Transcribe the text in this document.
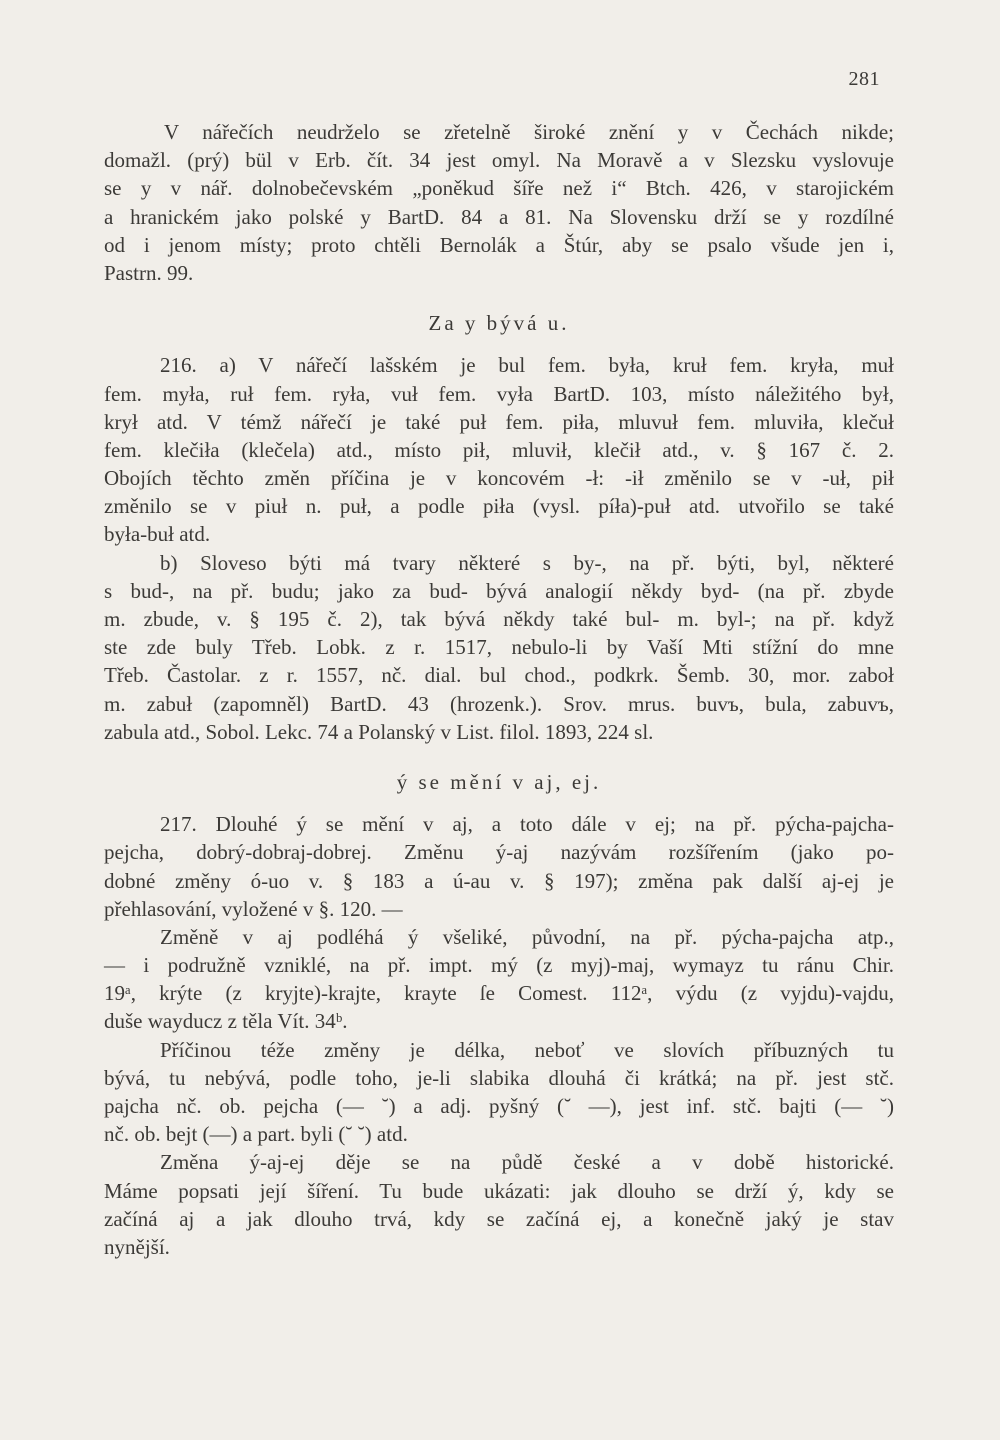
281
V nářečích neudrželo se zřetelně široké znění y v Čechách nikde;
domažl. (prý) bül v Erb. čít. 34 jest omyl. Na Moravě a v Slezsku vyslovuje
se y v nář. dolnobečevském „poněkud šíře než i“ Btch. 426, v starojickém
a hranickém jako polské y BartD. 84 a 81. Na Slovensku drží se y rozdílné
od i jenom místy; proto chtěli Bernolák a Štúr, aby se psalo všude jen i,
Pastrn. 99.
Za y bývá u.
216. a) V nářečí lašském je bul fem. była, kruł fem. kryła, muł
fem. myła, ruł fem. ryła, vuł fem. vyła BartD. 103, místo náležitého był,
krył atd. V témž nářečí je také puł fem. piła, mluvuł fem. mluviła, klečuł
fem. klečiła (klečela) atd., místo pił, mluvił, klečił atd., v. § 167 č. 2.
Obojích těchto změn příčina je v koncovém -ł: -ił změnilo se v -uł, pił
změnilo se v piuł n. puł, a podle piła (vysl. píła)-puł atd. utvořilo se také
była-buł atd.
b) Sloveso býti má tvary některé s by-, na př. býti, byl, některé
s bud-, na př. budu; jako za bud- bývá analogií někdy byd- (na př. zbyde
m. zbude, v. § 195 č. 2), tak bývá někdy také bul- m. byl-; na př. když
ste zde buly Třeb. Lobk. z r. 1517, nebulo-li by Vaší Mti stížní do mne
Třeb. Častolar. z r. 1557, nč. dial. bul chod., podkrk. Šemb. 30, mor. zaboł
m. zabuł (zapomněl) BartD. 43 (hrozenk.). Srov. mrus. buvъ, bula, zabuvъ,
zabula atd., Sobol. Lekc. 74 a Polanský v List. filol. 1893, 224 sl.
ý se mění v aj, ej.
217. Dlouhé ý se mění v aj, a toto dále v ej; na př. pýcha-pajcha-
pejcha, dobrý-dobraj-dobrej. Změnu ý-aj nazývám rozšířením (jako po-
dobné změny ó-uo v. § 183 a ú-au v. § 197); změna pak další aj-ej je
přehlasování, vyložené v §. 120. —
Změně v aj podléhá ý všeliké, původní, na př. pýcha-pajcha atp.,
— i podružně vzniklé, na př. impt. mý (z myj)-maj, wymayz tu ránu Chir.
19ᵃ, krýte (z kryjte)-krajte, krayte ſe Comest. 112ᵃ, výdu (z vyjdu)-vajdu,
duše wayducz z těla Vít. 34ᵇ.
Příčinou téže změny je délka, neboť ve slovích příbuzných tu
bývá, tu nebývá, podle toho, je-li slabika dlouhá či krátká; na př. jest stč.
pajcha nč. ob. pejcha (— ˘) a adj. pyšný (˘ —), jest inf. stč. bajti (— ˘)
nč. ob. bejt (—) a part. byli (˘ ˘) atd.
Změna ý-aj-ej děje se na půdě české a v době historické.
Máme popsati její šíření. Tu bude ukázati: jak dlouho se drží ý, kdy se
začíná aj a jak dlouho trvá, kdy se začíná ej, a konečně jaký je stav
nynější.
